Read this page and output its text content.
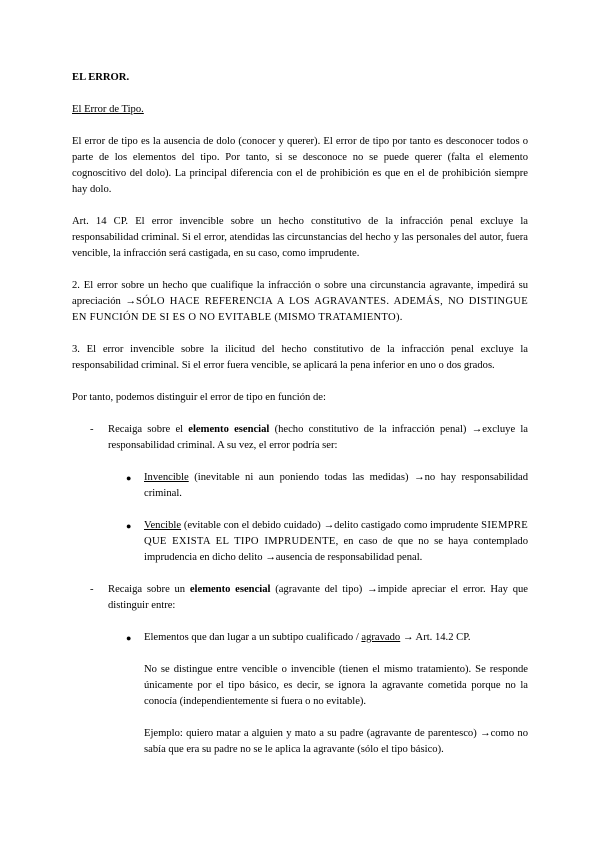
EL ERROR.
El Error de Tipo.

El error de tipo es la ausencia de dolo (conocer y querer). El error de tipo por tanto es desconocer todos o parte de los elementos del tipo. Por tanto, si se desconoce no se puede querer (falta el elemento cognoscitivo del dolo). La principal diferencia con el de prohibición es que en el de prohibición siempre hay dolo.

Art. 14 CP. El error invencible sobre un hecho constitutivo de la infracción penal excluye la responsabilidad criminal. Si el error, atendidas las circunstancias del hecho y las personales del autor, fuera vencible, la infracción será castigada, en su caso, como imprudente.

2. El error sobre un hecho que cualifique la infracción o sobre una circunstancia agravante, impedirá su apreciación →SÓLO HACE REFERENCIA A LOS AGRAVANTES. ADEMÁS, NO DISTINGUE EN FUNCIÓN DE SI ES O NO EVITABLE (MISMO TRATAMIENTO).

3. El error invencible sobre la ilicitud del hecho constitutivo de la infracción penal excluye la responsabilidad criminal. Si el error fuera vencible, se aplicará la pena inferior en uno o dos grados.

Por tanto, podemos distinguir el error de tipo en función de:

- Recaiga sobre el elemento esencial (hecho constitutivo de la infracción penal) →excluye la responsabilidad criminal. A su vez, el error podría ser:
● Invencible (inevitable ni aun poniendo todas las medidas) →no hay responsabilidad criminal.
● Vencible (evitable con el debido cuidado) →delito castigado como imprudente SIEMPRE QUE EXISTA EL TIPO IMPRUDENTE, en caso de que no se haya contemplado imprudencia en dicho delito →ausencia de responsabilidad penal.
- Recaiga sobre un elemento esencial (agravante del tipo) →impide apreciar el error. Hay que distinguir entre:
● Elementos que dan lugar a un subtipo cualificado / agravado → Art. 14.2 CP.
No se distingue entre vencible o invencible (tienen el mismo tratamiento). Se responde únicamente por el tipo básico, es decir, se ignora la agravante cometida porque no la conocía (independientemente si fuera o no evitable).
Ejemplo: quiero matar a alguien y mato a su padre (agravante de parentesco) →como no sabía que era su padre no se le aplica la agravante (sólo el tipo básico).
